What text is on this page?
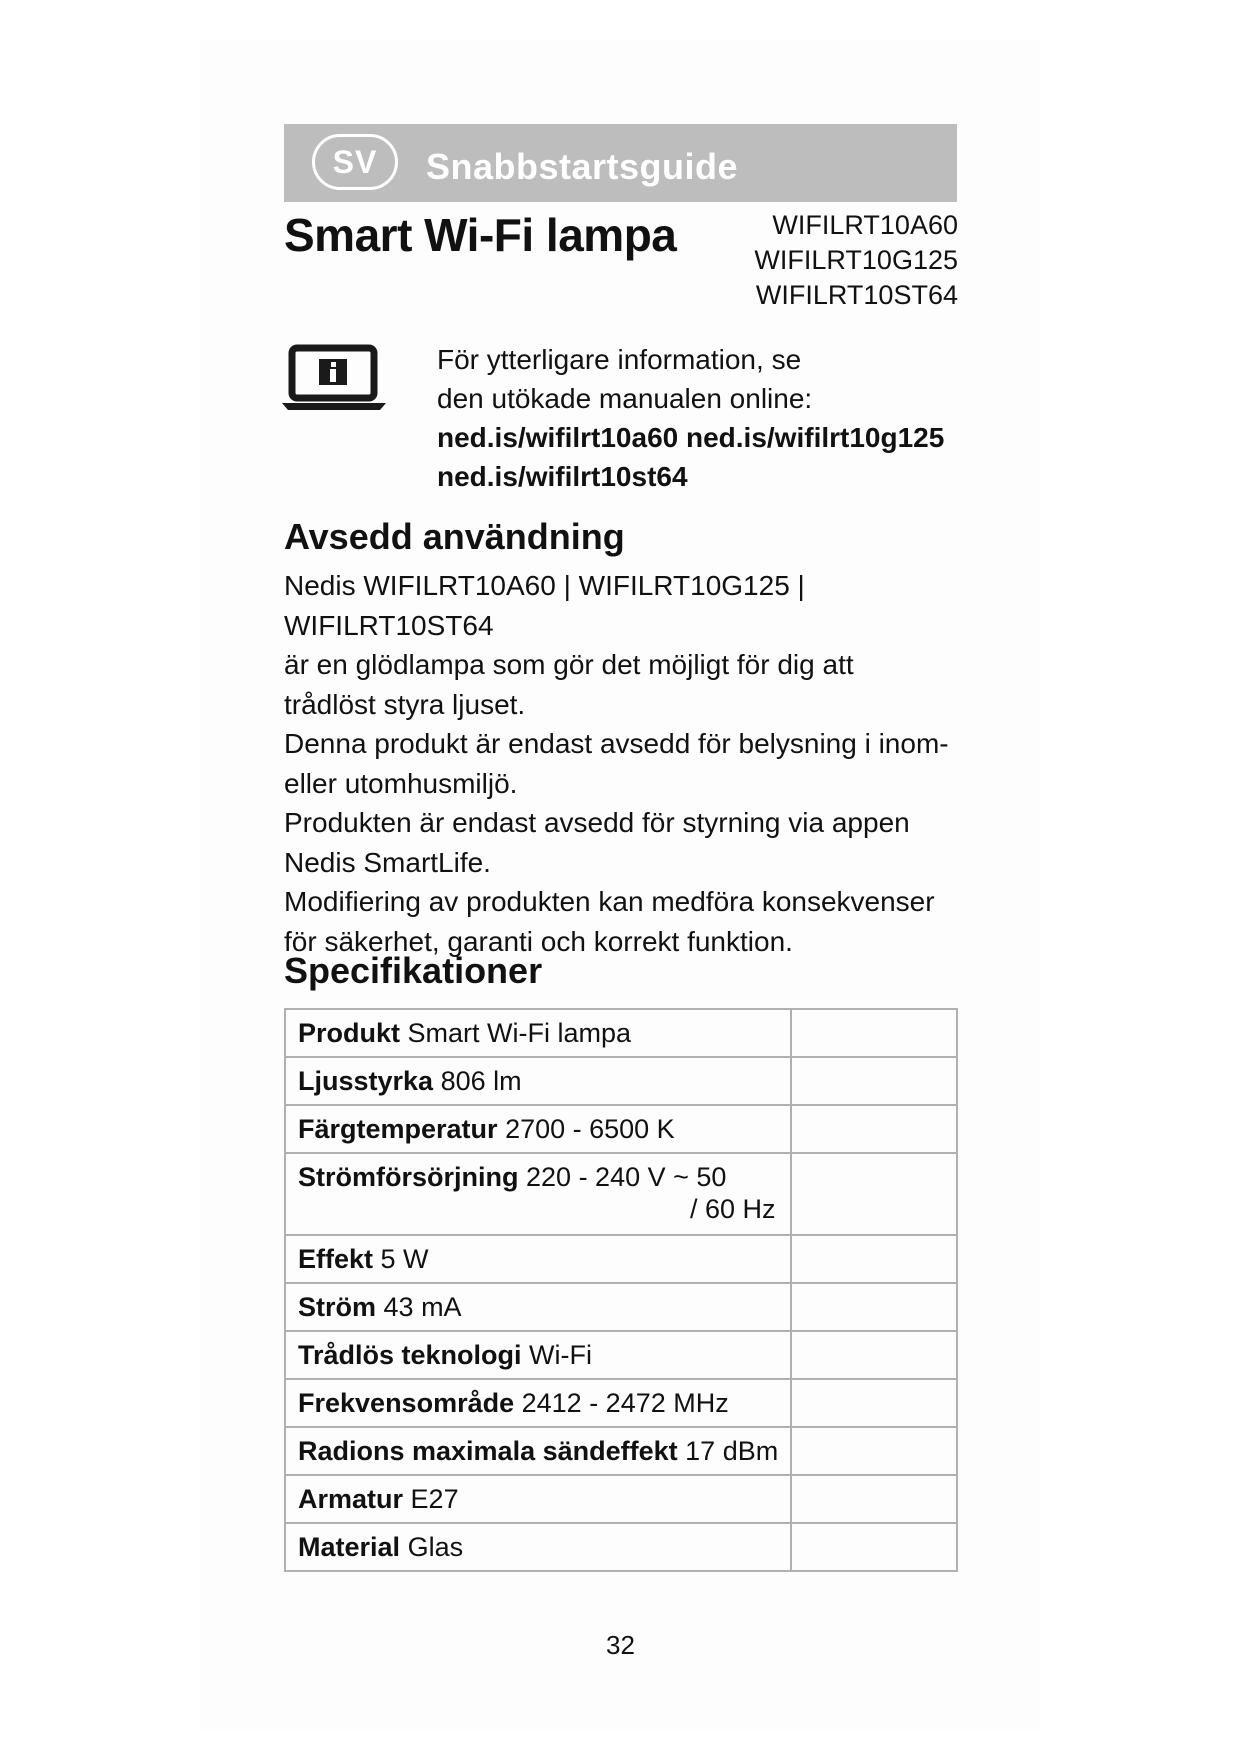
SV	Snabbstartsguide
Smart Wi-Fi lampa	WIFILRT10A60
WIFILRT10G125
WIFILRT10ST64
För ytterligare information, se
den utökade manualen online:
ned.is/wifilrt10a60 ned.is/wifilrt10g125
ned.is/wifilrt10st64
Avsedd användning

Nedis WIFILRT10A60 | WIFILRT10G125 | WIFILRT10ST64

är en glödlampa som gör det möjligt för dig att

trådlöst styra ljuset.

Denna produkt är endast avsedd för belysning i inom-

eller utomhusmiljö.

Produkten är endast avsedd för styrning via appen

Nedis SmartLife.

Modifiering av produkten kan medföra konsekvenser

för säkerhet, garanti och korrekt funktion.

Specifikationer
Produkt Smart Wi-Fi lampa	
Ljusstyrka 806 lm	
Färgtemperatur 2700 - 6500 K	

Strömförsörjning 220 - 240 V ~ 50
/ 60 Hz	

Effekt 5 W	
Ström 43 mA	
Trådlös teknologi Wi-Fi	
Frekvensområde 2412 - 2472 MHz	
Radions maximala sändeffekt 17 dBm	
Armatur E27	
Material Glas	
32
